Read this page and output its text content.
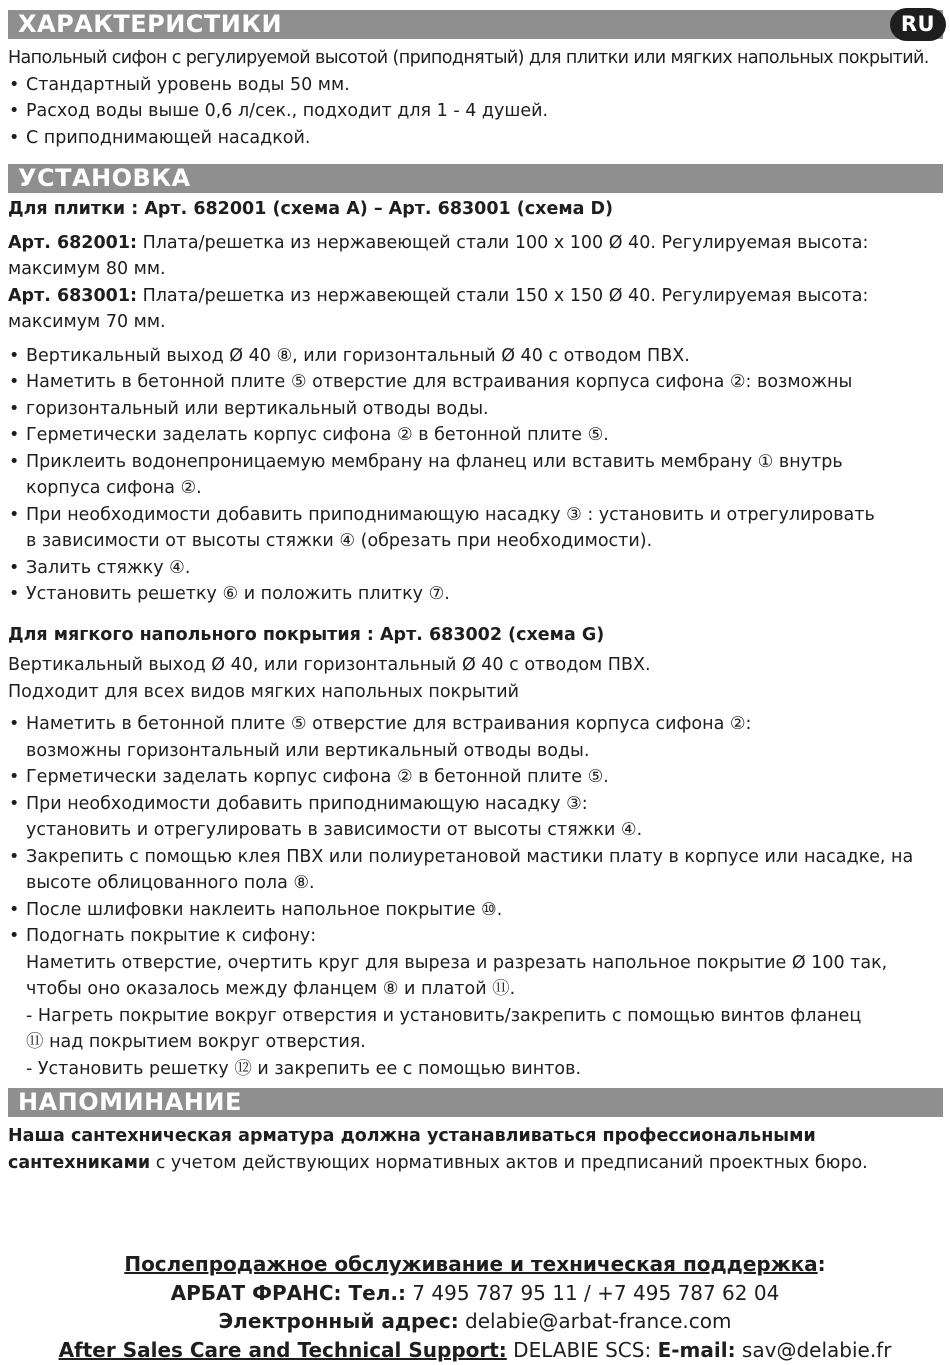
ХАРАКТЕРИСТИКИ	RU

Напольный сифон с регулируемой высотой (приподнятый) для плитки или мягких напольных покрытий.

• Стандартный уровень воды 50 мм.
• Расход воды выше 0,6 л/сек., подходит для 1 - 4 душей.
• С приподнимающей насадкой.
УСТАНОВКА

Для плитки : Арт. 682001 (схема A) – Арт. 683001 (схема D)

Арт. 682001: Плата/решетка из нержавеющей стали 100 x 100 Ø 40. Регулируемая высота:

максимум 80 мм.

Арт. 683001: Плата/решетка из нержавеющей стали 150 x 150 Ø 40. Регулируемая высота:

максимум 70 мм.

• Вертикальный выход Ø 40 ⑧, или горизонтальный Ø 40 с отводом ПВХ.
• Наметить в бетонной плите ⑤ отверстие для встраивания корпуса сифона ②: возможны
• горизонтальный или вертикальный отводы воды.
• Герметически заделать корпус сифона ② в бетонной плите ⑤.
• Приклеить водонепроницаемую мембрану на фланец или вставить мембрану ① внутрь
корпуса сифона ②.
• При необходимости добавить приподнимающую насадку ③ : установить и отрегулировать
в зависимости от высоты стяжки ④ (обрезать при необходимости).
• Залить стяжку ④.
• Установить решетку ⑥ и положить плитку ⑦.

Для мягкого напольного покрытия : Арт. 683002 (схема G)

Вертикальный выход Ø 40, или горизонтальный Ø 40 с отводом ПВХ.

Подходит для всех видов мягких напольных покрытий

• Наметить в бетонной плите ⑤ отверстие для встраивания корпуса сифона ②:
возможны горизонтальный или вертикальный отводы воды.
• Герметически заделать корпус сифона ② в бетонной плите ⑤.
• При необходимости добавить приподнимающую насадку ③:
установить и отрегулировать в зависимости от высоты стяжки ④.
• Закрепить с помощью клея ПВХ или полиуретановой мастики плату в корпусе или насадке, на
высоте облицованного пола ⑧.
• После шлифовки наклеить напольное покрытие ⑩.
• Подогнать покрытие к сифону:
Наметить отверстие, очертить круг для выреза и разрезать напольное покрытие Ø 100 так,
чтобы оно оказалось между фланцем ⑧ и платой ⑪.
- Нагреть покрытие вокруг отверстия и установить/закрепить с помощью винтов фланец
⑪ над покрытием вокруг отверстия.
- Установить решетку ⑫ и закрепить ее с помощью винтов.
НАПОМИНАНИЕ

Наша сантехническая арматура должна устанавливаться профессиональными

сантехниками с учетом действующих нормативных актов и предписаний проектных бюро.

Послепродажное обслуживание и техническая поддержка:
АРБАТ ФРАНС: Тел.: 7 495 787 95 11 / +7 495 787 62 04
Электронный адрес: delabie@arbat-france.com
After Sales Care and Technical Support: DELABIE SCS: E-mail: sav@delabie.fr
